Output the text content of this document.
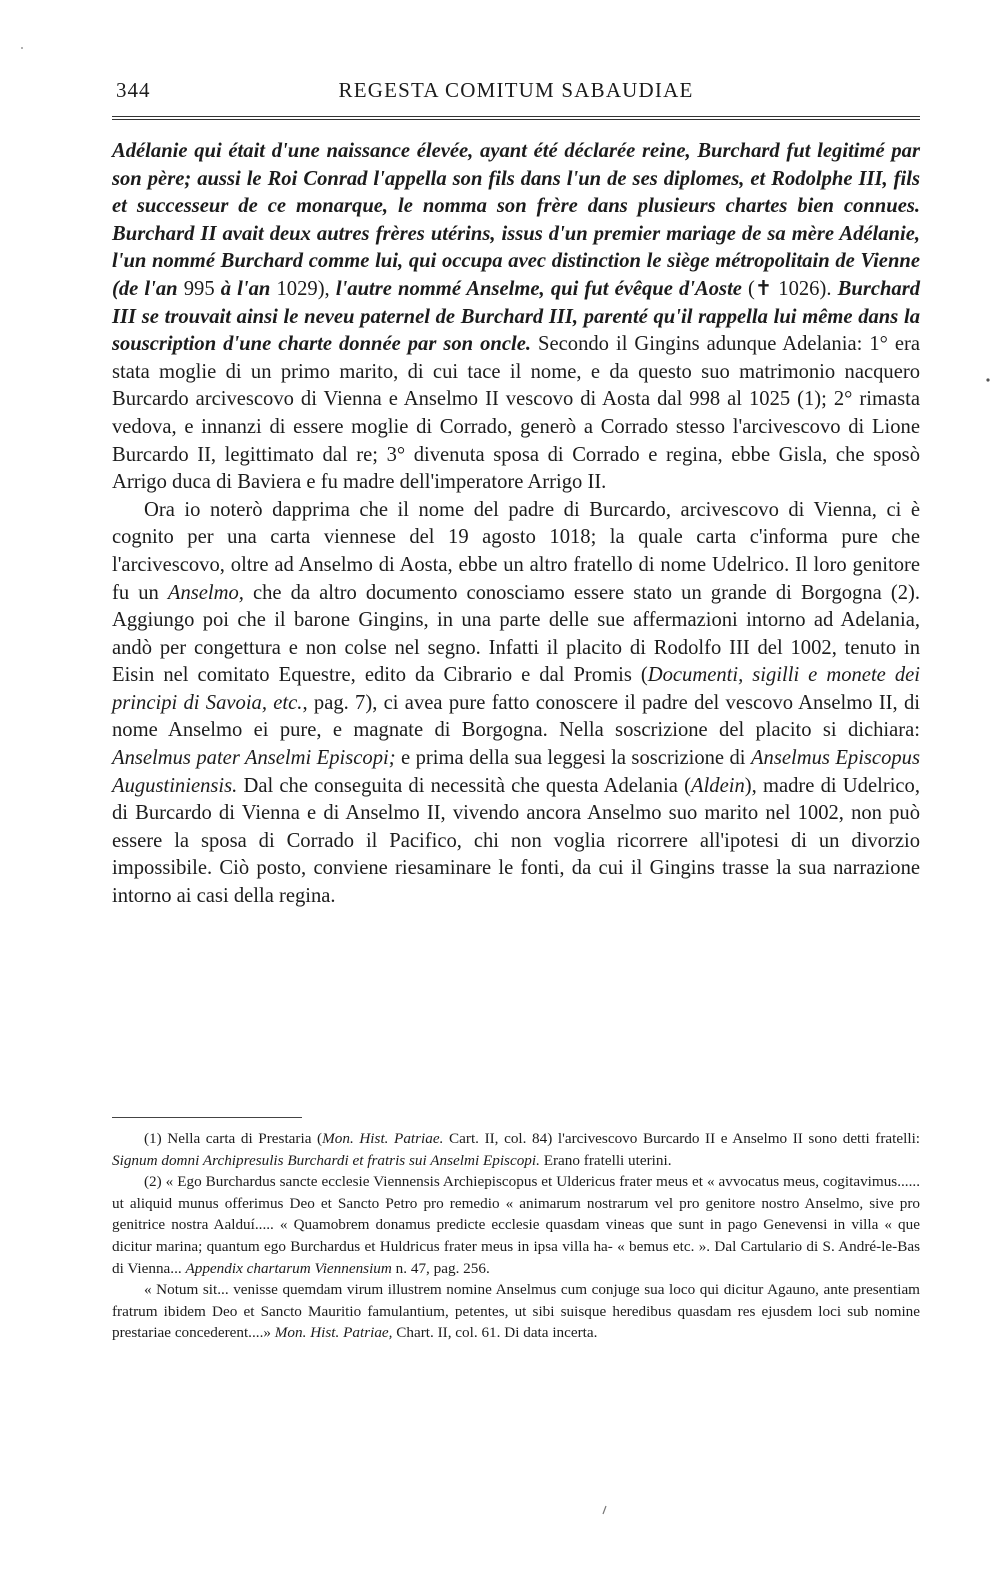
344	REGESTA COMITUM SABAUDIAE

Adélanie qui était d'une naissance élevée, ayant été déclarée reine, Burchard fut legitimé par son père; aussi le Roi Conrad l'appella son fils dans l'un de ses diplomes, et Rodolphe III, fils et successeur de ce monarque, le nomma son frère dans plusieurs chartes bien connues. Burchard II avait deux autres frères utérins, issus d'un premier mariage de sa mère Adélanie, l'un nommé Burchard comme lui, qui occupa avec distinction le siège métropolitain de Vienne (de l'an 995 à l'an 1029), l'autre nommé Anselme, qui fut évêque d'Aoste (✝ 1026). Burchard III se trouvait ainsi le neveu paternel de Burchard III, parenté qu'il rappella lui même dans la souscription d'une charte donnée par son oncle. Secondo il Gingins adunque Adelania: 1° era stata moglie di un primo marito, di cui tace il nome, e da questo suo matrimonio nacquero Burcardo arcivescovo di Vienna e Anselmo II vescovo di Aosta dal 998 al 1025 (1); 2° rimasta vedova, e innanzi di essere moglie di Corrado, generò a Corrado stesso l'arcivescovo di Lione Burcardo II, legittimato dal re; 3° divenuta sposa di Corrado e regina, ebbe Gisla, che sposò Arrigo duca di Baviera e fu madre dell'imperatore Arrigo II.

Ora io noterò dapprima che il nome del padre di Burcardo, arcivescovo di Vienna, ci è cognito per una carta viennese del 19 agosto 1018; la quale carta c'informa pure che l'arcivescovo, oltre ad Anselmo di Aosta, ebbe un altro fratello di nome Udelrico. Il loro genitore fu un Anselmo, che da altro documento conosciamo essere stato un grande di Borgogna (2). Aggiungo poi che il barone Gingins, in una parte delle sue affermazioni intorno ad Adelania, andò per congettura e non colse nel segno. Infatti il placito di Rodolfo III del 1002, tenuto in Eisin nel comitato Equestre, edito da Cibrario e dal Promis (Documenti, sigilli e monete dei principi di Savoia, etc., pag. 7), ci avea pure fatto conoscere il padre del vescovo Anselmo II, di nome Anselmo ei pure, e magnate di Borgogna. Nella soscrizione del placito si dichiara: Anselmus pater Anselmi Episcopi; e prima della sua leggesi la soscrizione di Anselmus Episcopus Augustiniensis. Dal che conseguita di necessità che questa Adelania (Aldein), madre di Udelrico, di Burcardo di Vienna e di Anselmo II, vivendo ancora Anselmo suo marito nel 1002, non può essere la sposa di Corrado il Pacifico, chi non voglia ricorrere all'ipotesi di un divorzio impossibile. Ciò posto, conviene riesaminare le fonti, da cui il Gingins trasse la sua narrazione intorno ai casi della regina.

(1) Nella carta di Prestaria (Mon. Hist. Patriae. Cart. II, col. 84) l'arcivescovo Burcardo II e Anselmo II sono detti fratelli: Signum domni Archipresulis Burchardi et fratris sui Anselmi Episcopi. Erano fratelli uterini.

(2) « Ego Burchardus sancte ecclesie Viennensis Archiepiscopus et Uldericus frater meus et « avvocatus meus, cogitavimus...... ut aliquid munus offerimus Deo et Sancto Petro pro remedio « animarum nostrarum vel pro genitore nostro Anselmo, sive pro genitrice nostra Aalduí..... « Quamobrem donamus predicte ecclesie quasdam vineas que sunt in pago Genevensi in villa « que dicitur marina; quantum ego Burchardus et Huldricus frater meus in ipsa villa ha- « bemus etc. ». Dal Cartulario di S. André-le-Bas di Vienna... Appendix chartarum Viennensium n. 47, pag. 256.

« Notum sit... venisse quemdam virum illustrem nomine Anselmus cum conjuge sua loco qui dicitur Agauno, ante presentiam fratrum ibidem Deo et Sancto Mauritio famulantium, petentes, ut sibi suisque heredibus quasdam res ejusdem loci sub nomine prestariae concederent....» Mon. Hist. Patriae, Chart. II, col. 61. Di data incerta.
